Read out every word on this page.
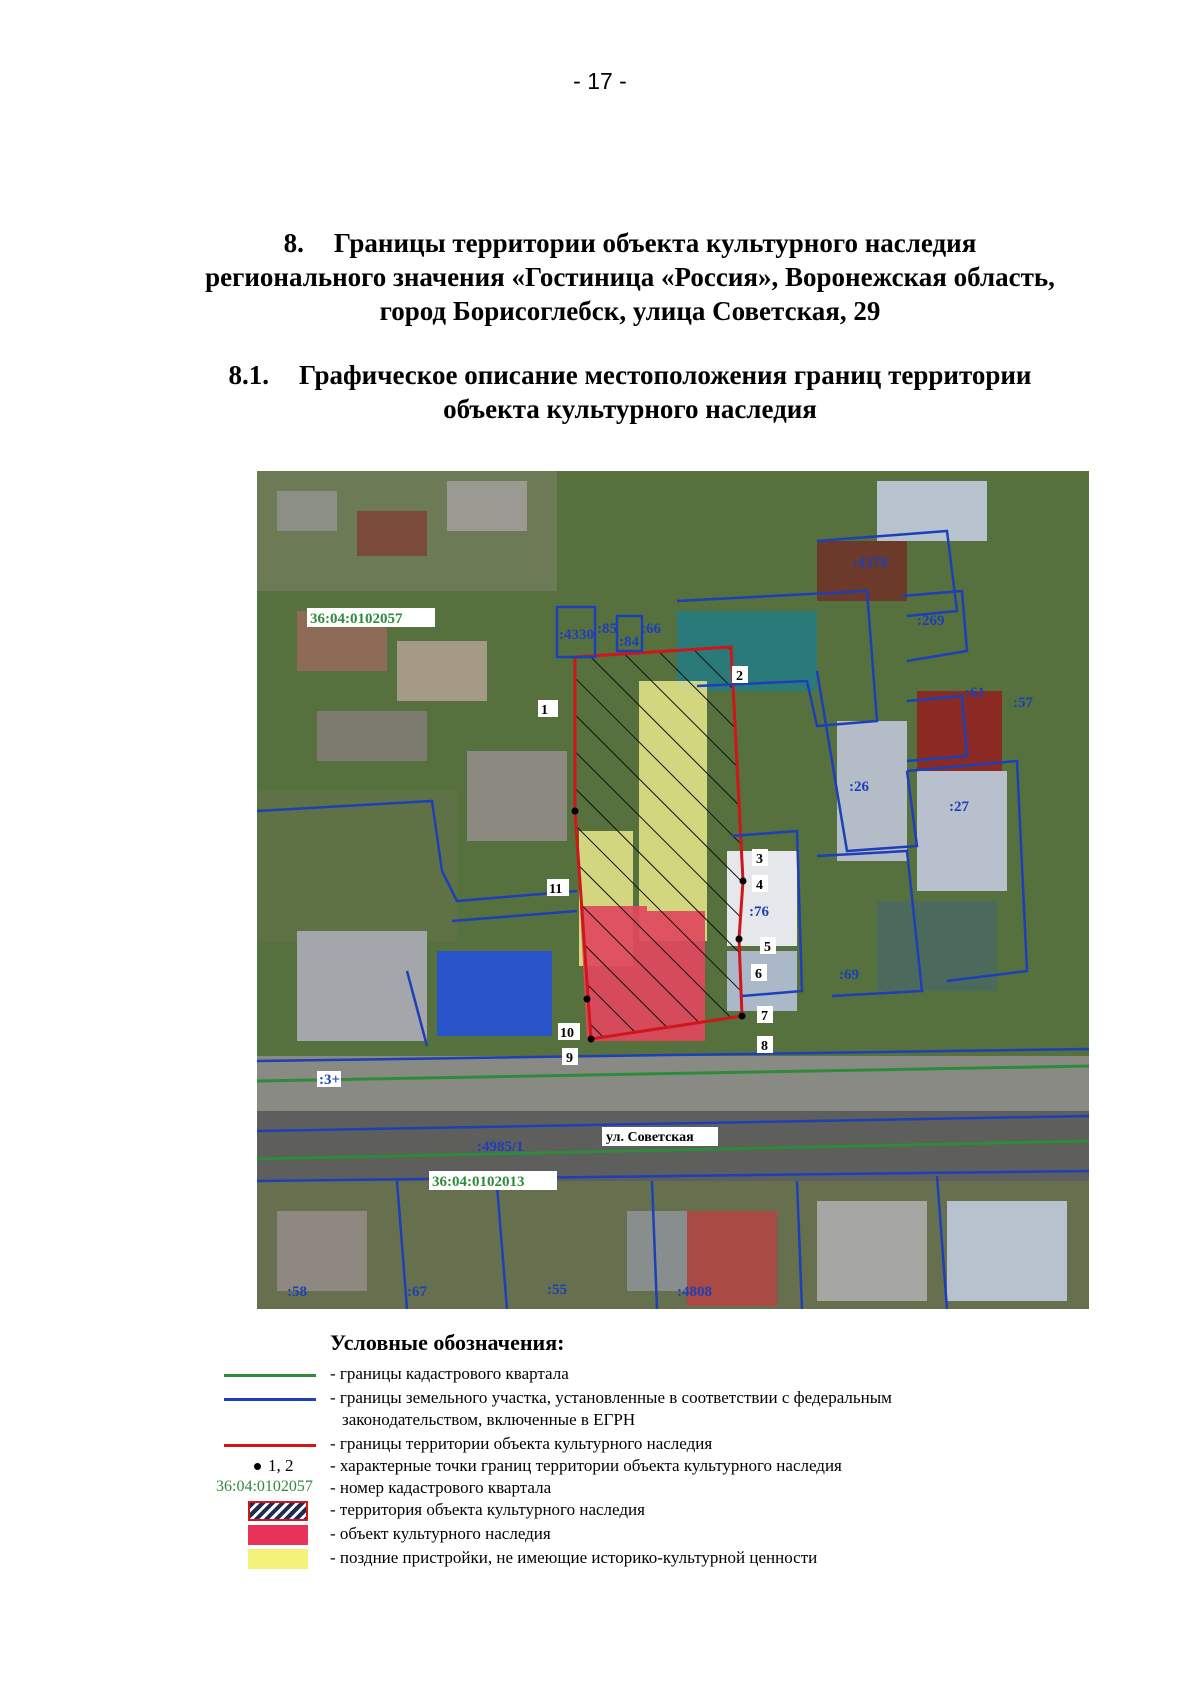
- 17 -
8. Границы территории объекта культурного наследия
регионального значения «Гостиница «Россия», Воронежская область,
город Борисоглебск, улица Советская, 29
8.1. Графическое описание местоположения границ территории
объекта культурного наследия
1
2
3
4
5
6
7
8
9
10
11
36:04:0102057
36:04:0102013
ул. Советская
:4330 :85 :66
:84
:269
:26
:27
:76
:69
:4985/1
:58	:67	:4808
:55
:61
:57
:3+
:4378
Условные обозначения:
- границы кадастрового квартала
- границы земельного участка, установленные в соответствии с федеральным
законодательством, включенные в ЕГРН
- границы территории объекта культурного наследия
1, 2 - характерные точки границ территории объекта культурного наследия
36:04:0102057 - номер кадастрового квартала
- территория объекта культурного наследия
- объект культурного наследия
- поздние пристройки, не имеющие историко-культурной ценности
